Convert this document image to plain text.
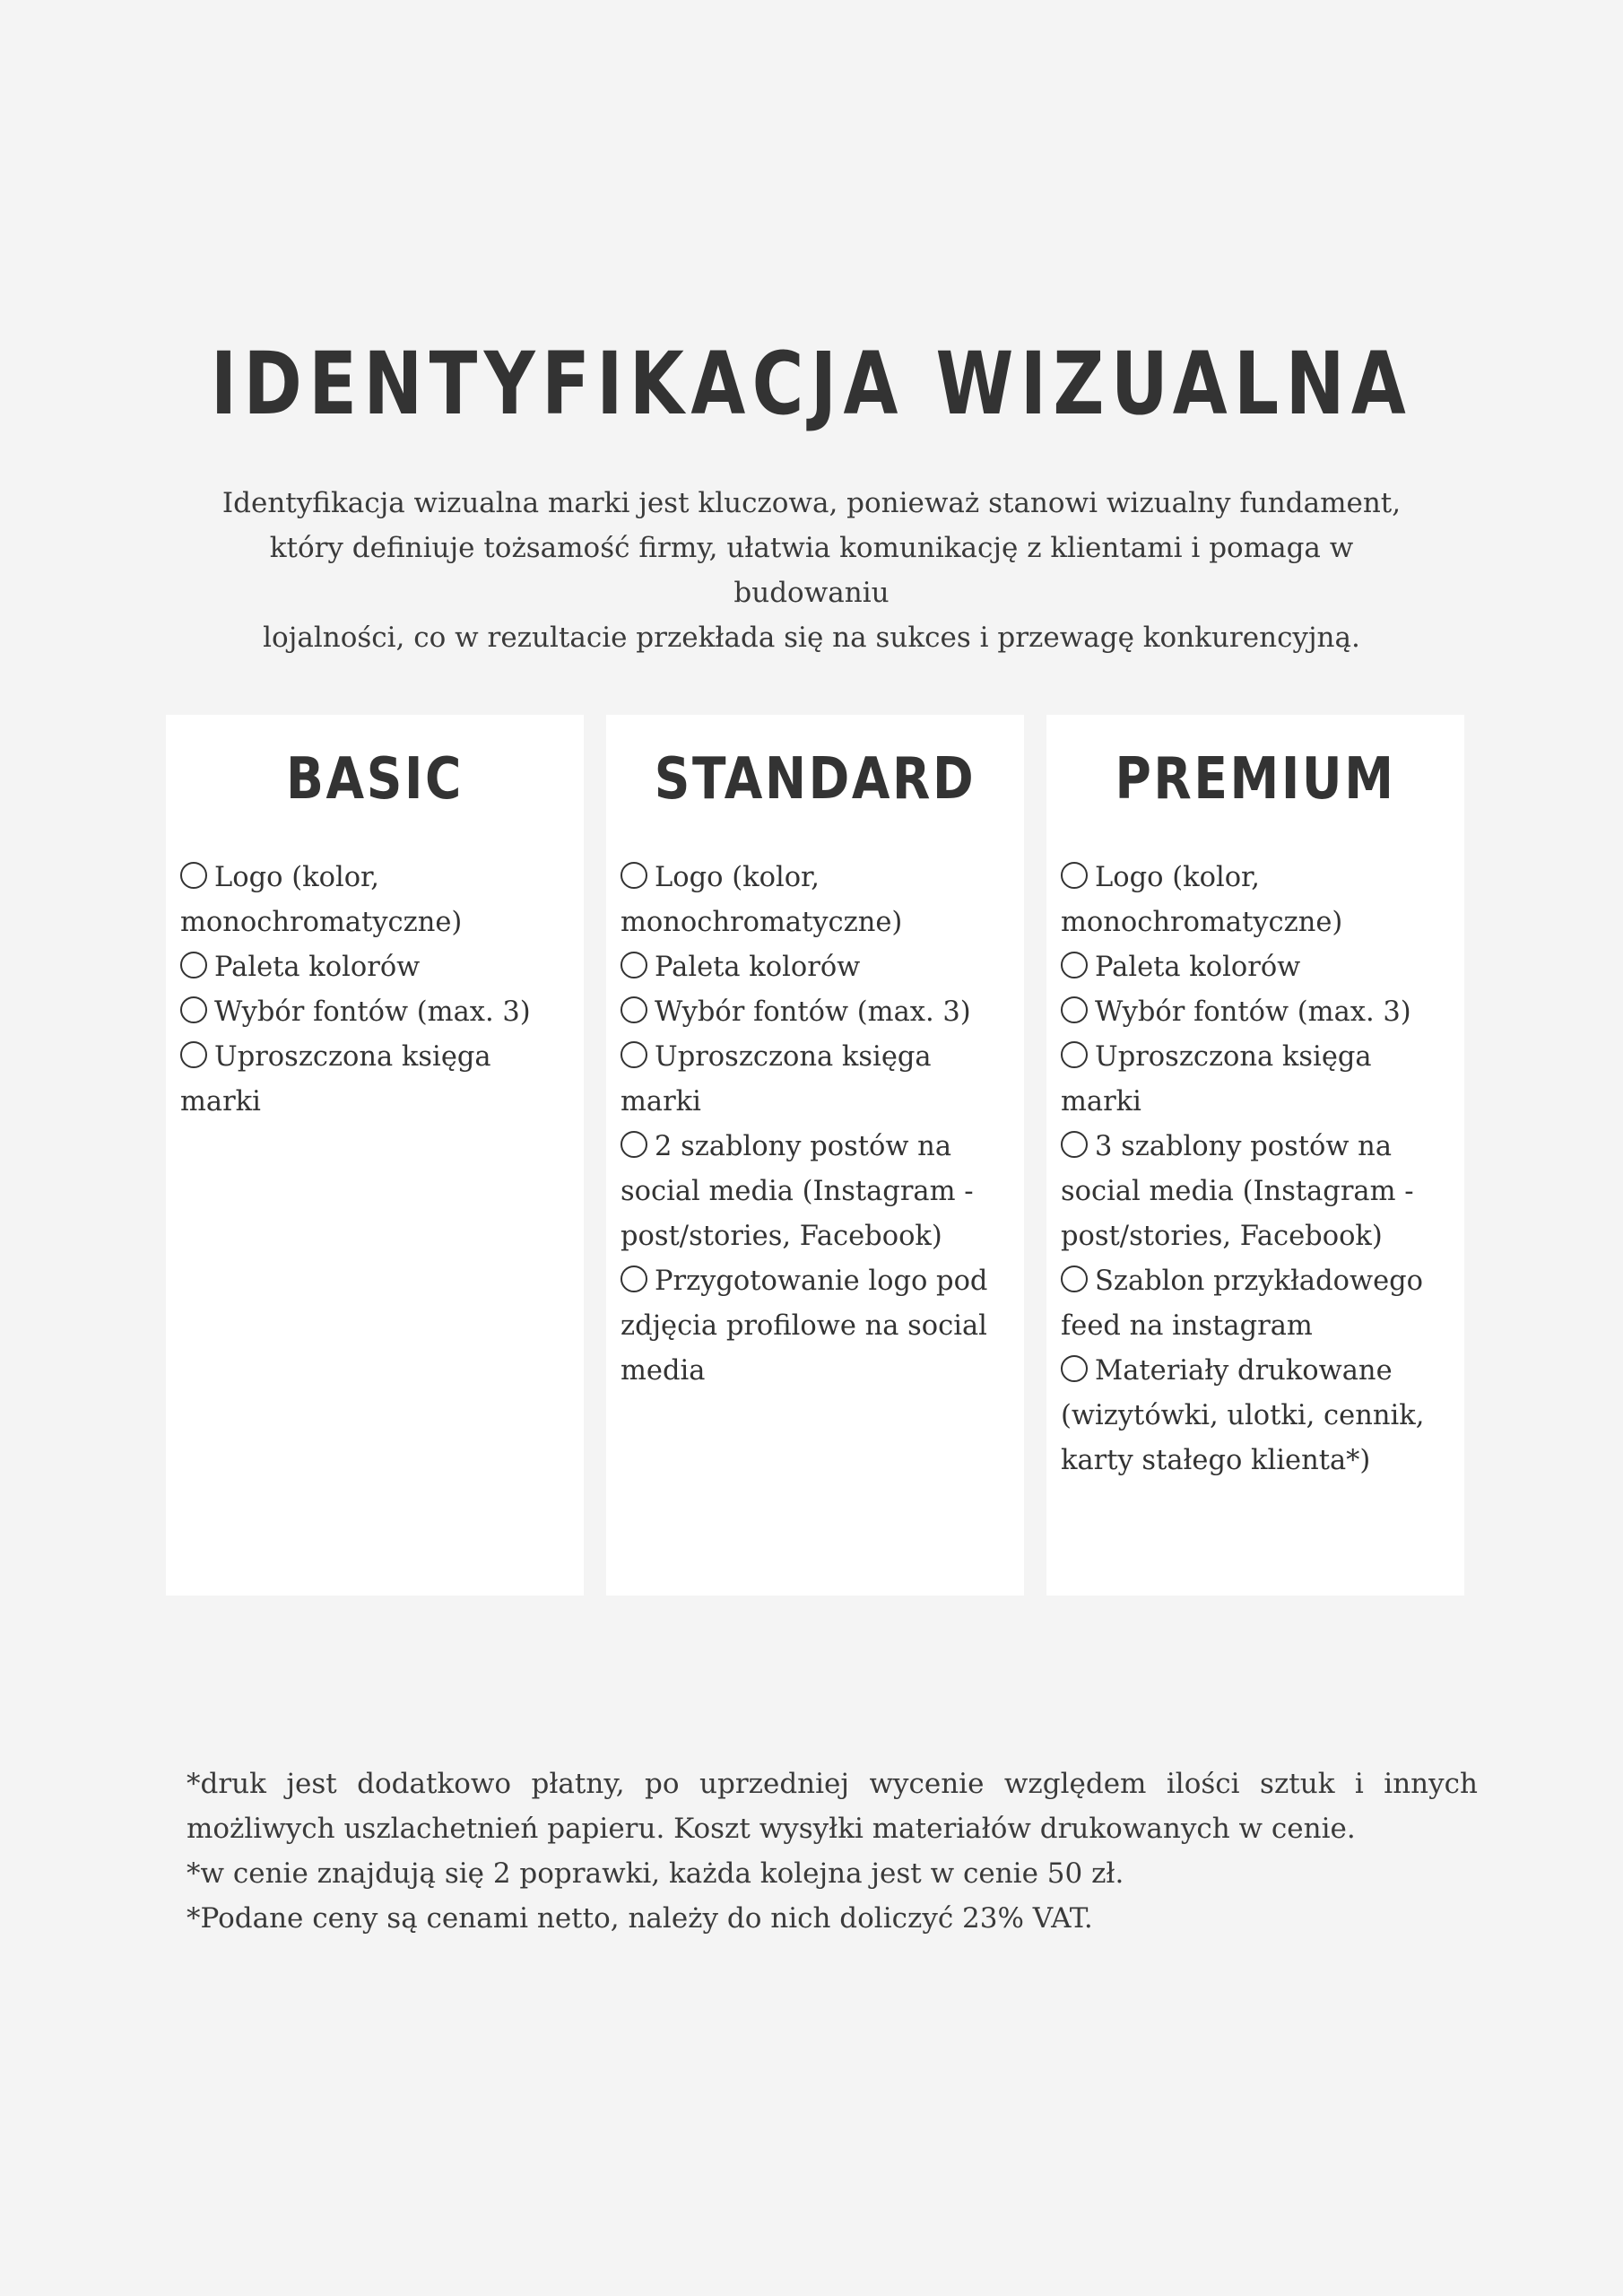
IDENTYFIKACJA WIZUALNA

Identyfikacja wizualna marki jest kluczowa, ponieważ stanowi wizualny fundament,
który definiuje tożsamość firmy, ułatwia komunikację z klientami i pomaga w budowaniu
lojalności, co w rezultacie przekłada się na sukces i przewagę konkurencyjną.

BASIC
Logo (kolor, monochromatyczne)
Paleta kolorów
Wybór fontów (max. 3)
Uproszczona księga marki
STANDARD
Logo (kolor, monochromatyczne)
Paleta kolorów
Wybór fontów (max. 3)
Uproszczona księga marki
2 szablony postów na social media (Instagram - post/stories, Facebook)
Przygotowanie logo pod zdjęcia profilowe na social media
PREMIUM
Logo (kolor, monochromatyczne)
Paleta kolorów
Wybór fontów (max. 3)
Uproszczona księga marki
3 szablony postów na social media (Instagram - post/stories, Facebook)
Szablon przykładowego feed na instagram
Materiały drukowane (wizytówki, ulotki, cennik, karty stałego klienta*)

*druk jest dodatkowo płatny, po uprzedniej wycenie względem ilości sztuk i innych możliwych uszlachetnień papieru. Koszt wysyłki materiałów drukowanych w cenie.

*w cenie znajdują się 2 poprawki, każda kolejna jest w cenie 50 zł.

*Podane ceny są cenami netto, należy do nich doliczyć 23% VAT.
